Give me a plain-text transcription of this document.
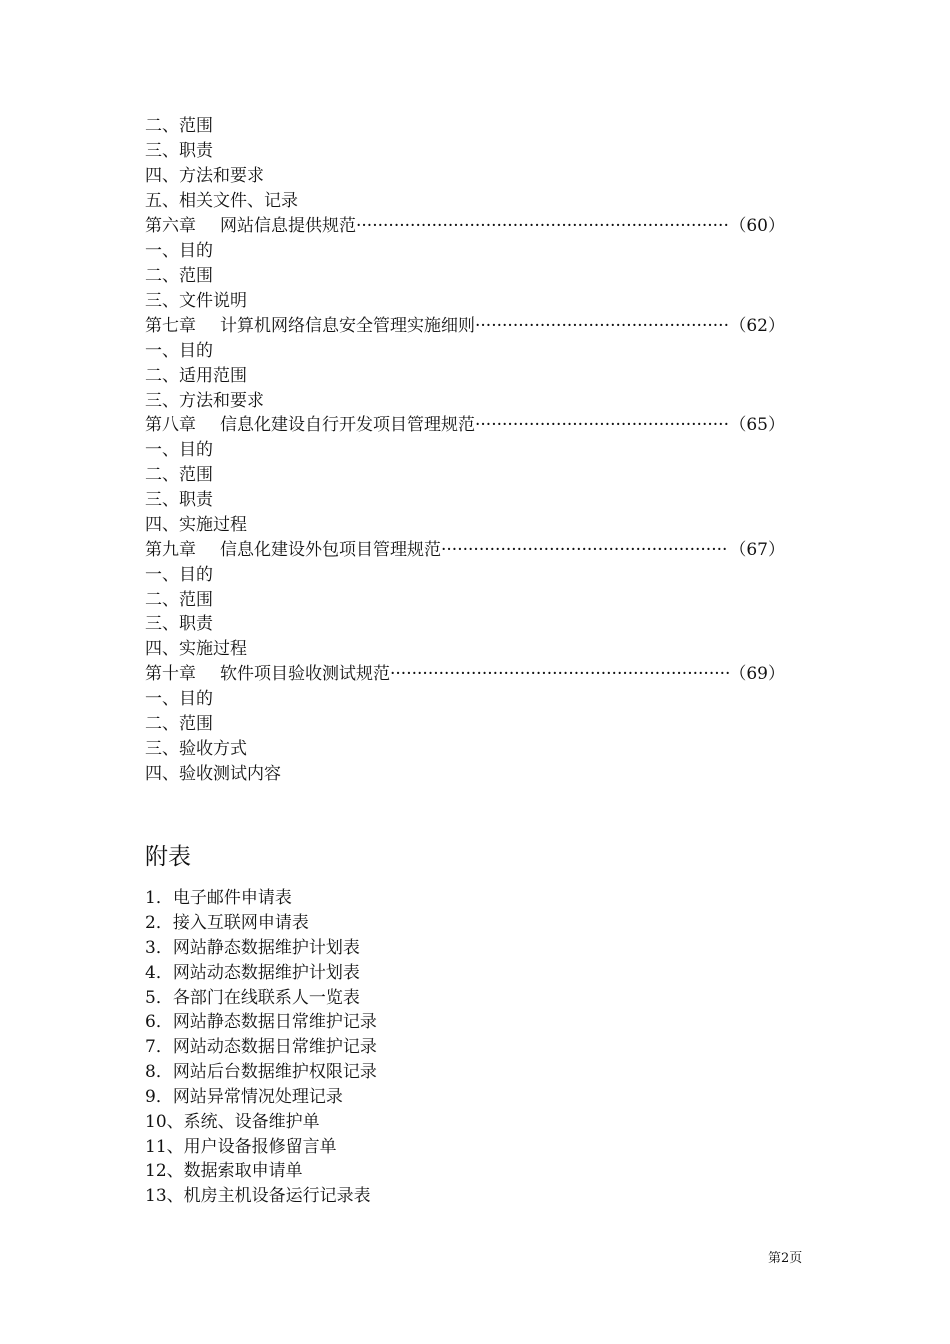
二、范围
三、职责
四、方法和要求
五、相关文件、记录
第六章 网站信息提供规范 ·····	（60）
一、目的
二、范围
三、文件说明
第七章 计算机网络信息安全管理实施细则 ·····	（62）
一、目的
二、适用范围
三、方法和要求
第八章 信息化建设自行开发项目管理规范 ·····	（65）
一、目的
二、范围
三、职责
四、实施过程
第九章 信息化建设外包项目管理规范 ·····	（67）
一、目的
二、范围
三、职责
四、实施过程
第十章 软件项目验收测试规范 ·····	（69）
一、目的
二、范围
三、验收方式
四、验收测试内容
附表
1．电子邮件申请表
2．接入互联网申请表
3．网站静态数据维护计划表
4．网站动态数据维护计划表
5．各部门在线联系人一览表
6．网站静态数据日常维护记录
7．网站动态数据日常维护记录
8．网站后台数据维护权限记录
9．网站异常情况处理记录
10、系统、设备维护单
11、用户设备报修留言单
12、数据索取申请单
13、机房主机设备运行记录表
第2页
